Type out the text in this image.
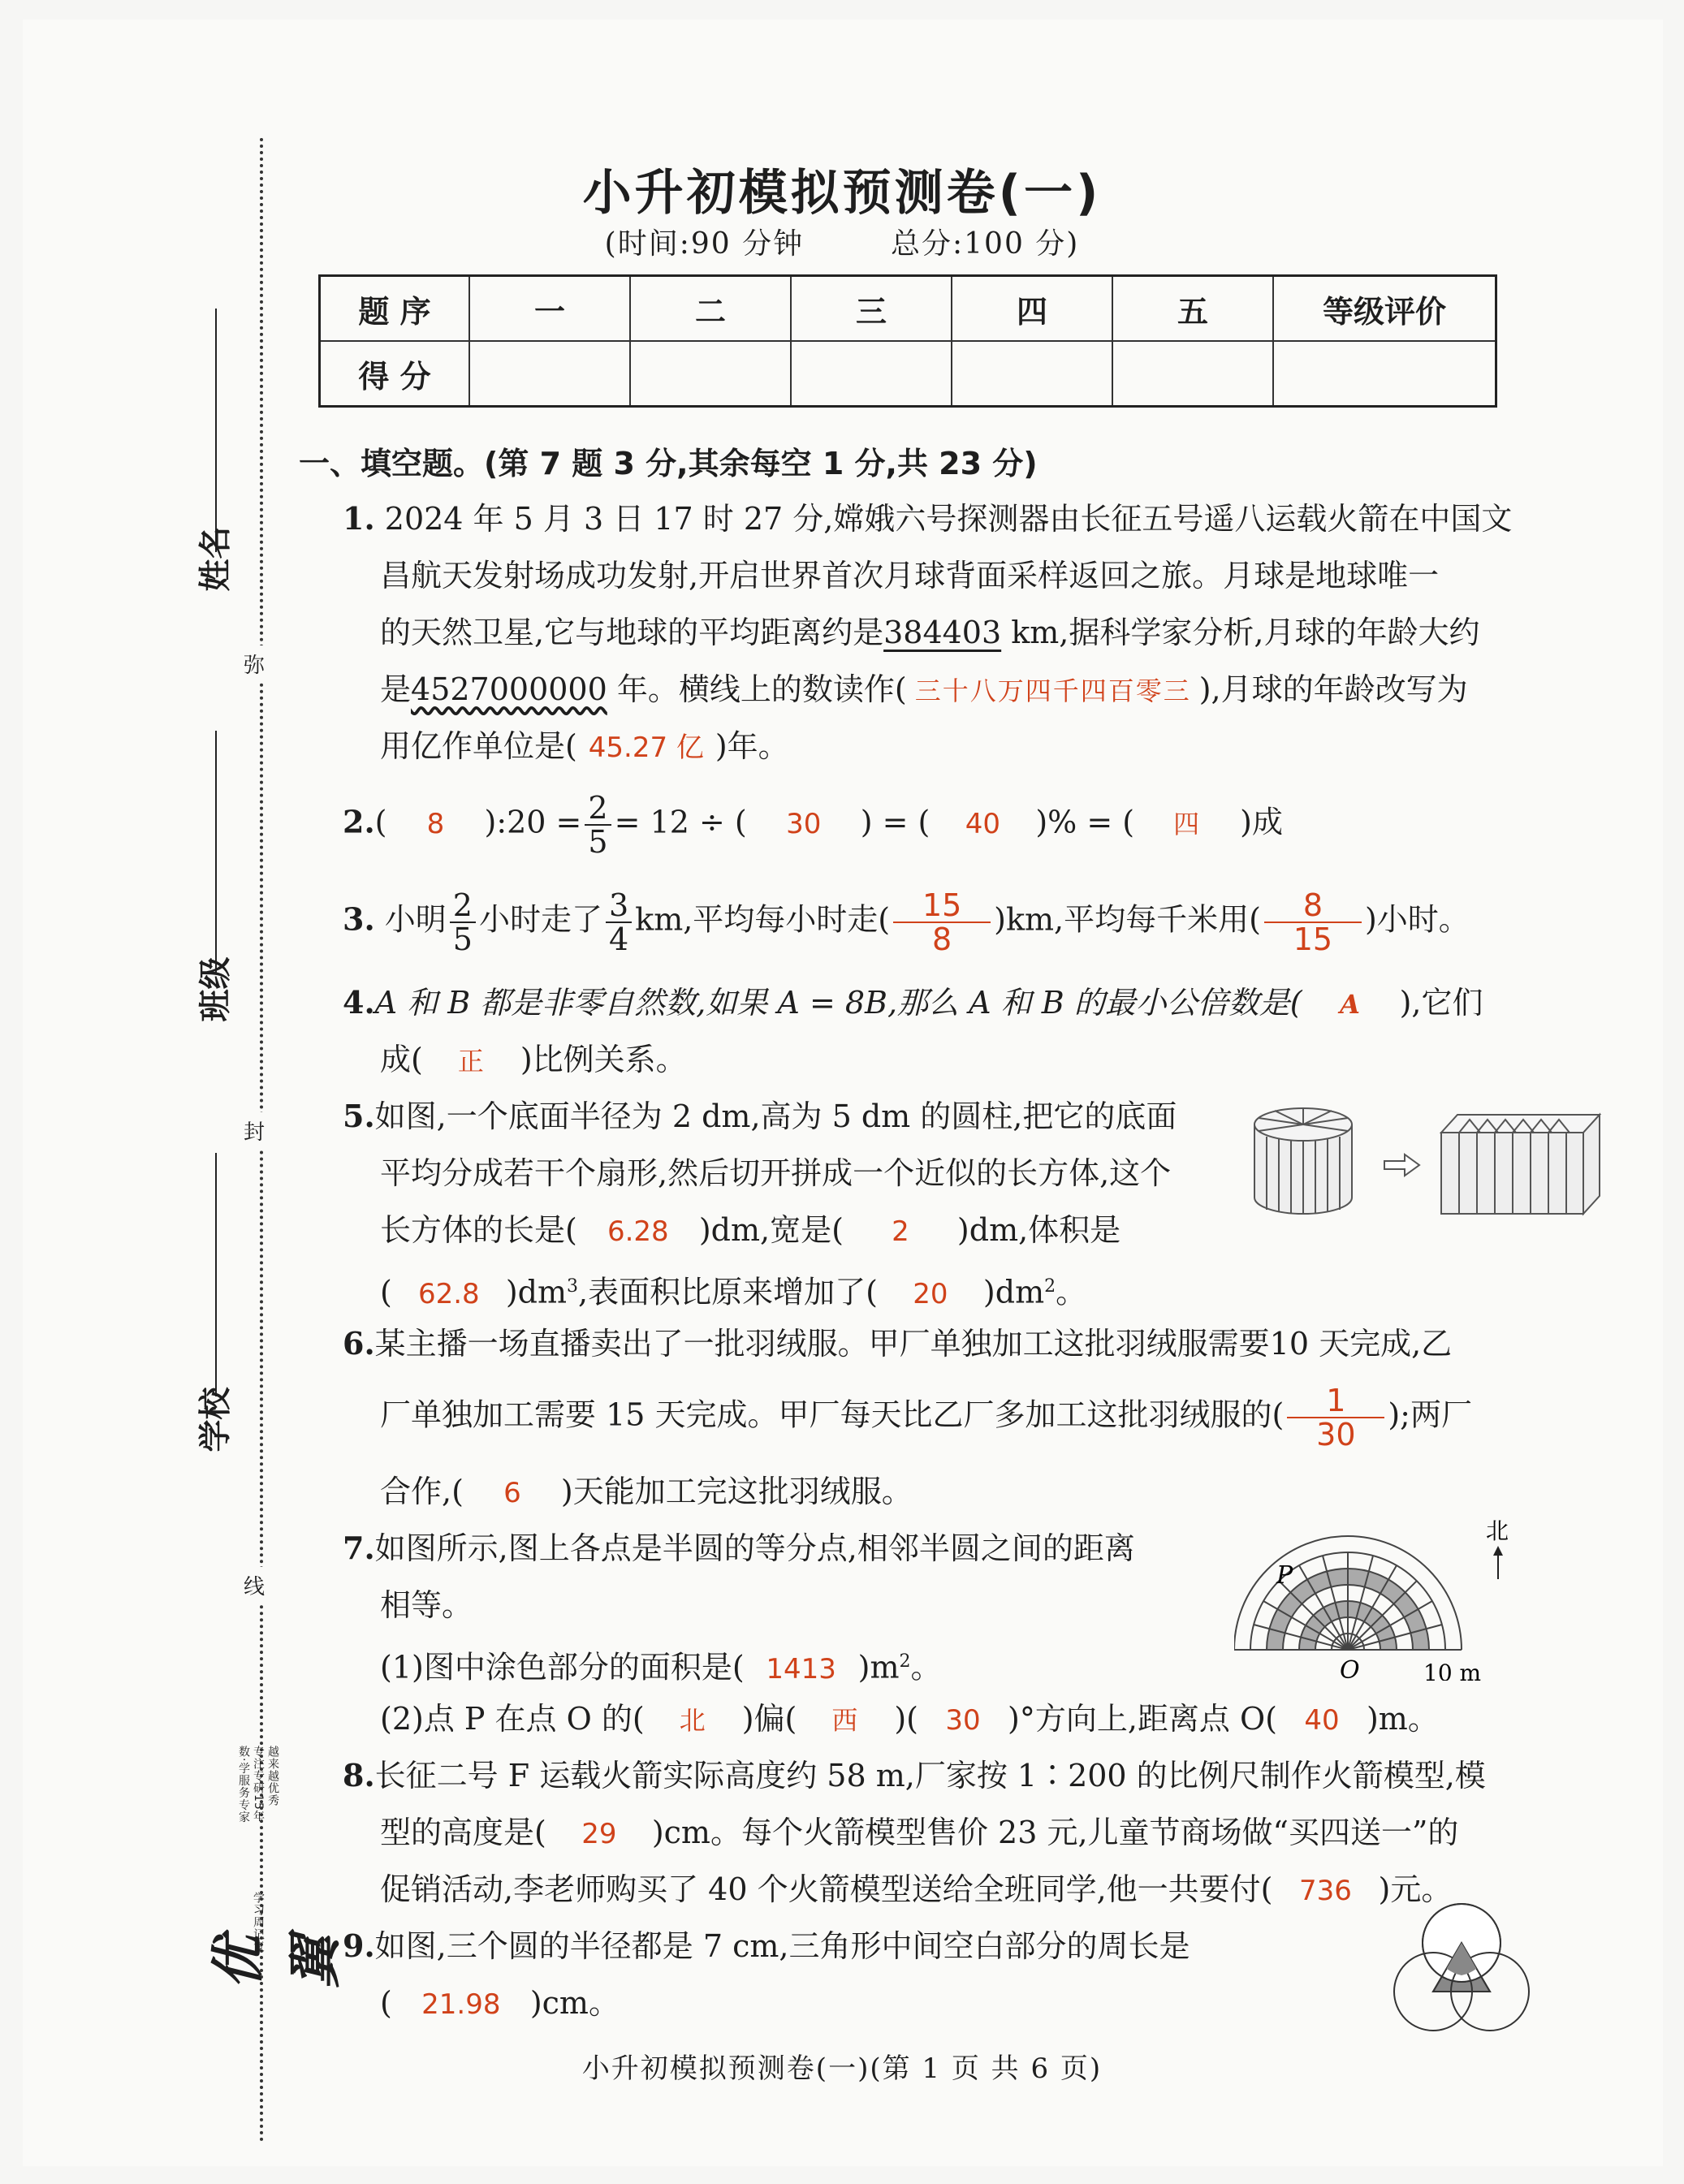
姓名
班级
学校
弥
封
线
优翼
数·学服务专家 专注专研15年 越来越优秀
学习周记复
小升初模拟预测卷(一)
(时间:90 分钟	总分:100 分)
题 序	一	二	三	四	五	等级评价
得 分						
一、填空题。(第 7 题 3 分,其余每空 1 分,共 23 分)
1. 2024 年 5 月 3 日 17 时 27 分,嫦娥六号探测器由长征五号遥八运载火箭在中国文
昌航天发射场成功发射,开启世界首次月球背面采样返回之旅。月球是地球唯一
的天然卫星,它与地球的平均距离约是384403 km,据科学家分析,月球的年龄大约
是4527000000 年。横线上的数读作( 三十八万四千四百零三 ),月球的年龄改写为
用亿作单位是( 45.27 亿 )年。
2.( 8 ):20 = $\frac{2}{5} = 12$ ÷ ( 30 ) = ( 40 )% = ( 四 )成
3. 小明 $\frac{2}{5}$ 小时走了 $\frac{3}{4}$ km,平均每小时走( $\frac{15}{8} )km$,平均每千米用( $\frac{8}{15}$ )小时。
4.A 和 B 都是非零自然数,如果 A = 8B,那么 A 和 B 的最小公倍数是( A ),它们
成( 正 )比例关系。
5.如图,一个底面半径为 2 dm,高为 5 dm 的圆柱,把它的底面
平均分成若干个扇形,然后切开拼成一个近似的长方体,这个
长方体的长是( 6.28 )dm,宽是( 2 )dm,体积是
( 62.8 )$dm^3$,表面积比原来增加了( 20 )$dm^2$。
6.某主播一场直播卖出了一批羽绒服。甲厂单独加工这批羽绒服需要10 天完成,乙
厂单独加工需要 15 天完成。甲厂每天比乙厂多加工这批羽绒服的( $\frac{1}{30}$ );两厂
合作,( 6 )天能加工完这批羽绒服。
7.如图所示,图上各点是半圆的等分点,相邻半圆之间的距离
相等。
(1)图中涂色部分的面积是( 1413 )$m^2$。
(2)点 P 在点 O 的( 北 )偏( 西 )( 30 )°方向上,距离点 O( 40 )m。
P
O	10 m
北
8.长征二号 F 运载火箭实际高度约 58 m,厂家按 1∶200 的比例尺制作火箭模型,模
型的高度是( 29 )cm。每个火箭模型售价 23 元,儿童节商场做“买四送一”的
促销活动,李老师购买了 40 个火箭模型送给全班同学,他一共要付( 736 )元。
9.如图,三个圆的半径都是 7 cm,三角形中间空白部分的周长是
( 21.98 )cm。
小升初模拟预测卷(一)(第 1 页 共 6 页)
